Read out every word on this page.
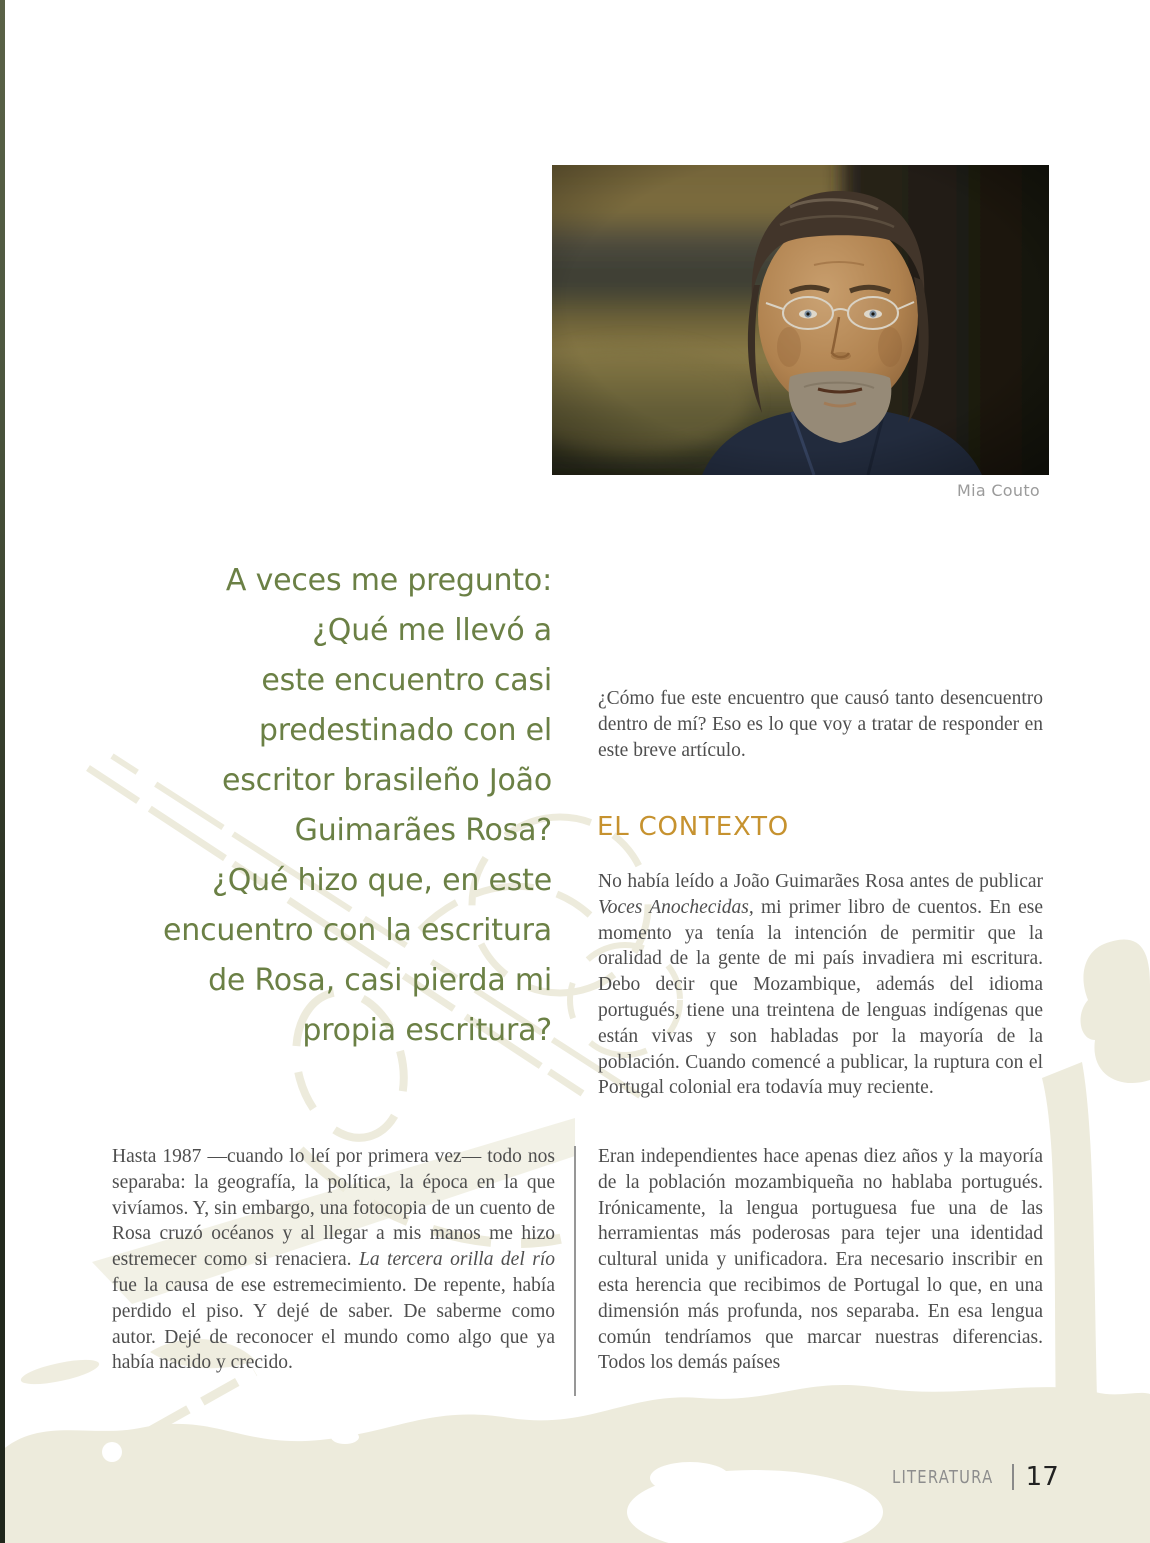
Mia Couto
A veces me pregunto:
¿Qué me llevó a
este encuentro casi
predestinado con el
escritor brasileño João
Guimarães Rosa?
¿Qué hizo que, en este
encuentro con la escritura
de Rosa, casi pierda mi
propia escritura?
¿Cómo fue este encuentro que causó tanto desencuentro dentro de mí? Eso es lo que voy a tratar de responder en este breve artículo.
EL CONTEXTO
No había leído a João Guimarães Rosa antes de publicar Voces Anochecidas, mi primer libro de cuentos. En ese momento ya tenía la intención de permitir que la oralidad de la gente de mi país invadiera mi escritura. Debo decir que Mozambique, además del idioma portugués, tiene una treintena de lenguas indígenas que están vivas y son habladas por la mayoría de la población. Cuando comencé a publicar, la ruptura con el Portugal colonial era todavía muy reciente.
Eran independientes hace apenas diez años y la mayoría de la población mozambiqueña no hablaba portugués. Irónicamente, la lengua portuguesa fue una de las herramientas más poderosas para tejer una identidad cultural unida y unificadora. Era necesario inscribir en esta herencia que recibimos de Portugal lo que, en una dimensión más profunda, nos separaba. En esa lengua común tendríamos que marcar nuestras diferencias. Todos los demás países
Hasta 1987 —cuando lo leí por primera vez— todo nos separaba: la geografía, la política, la época en la que vivíamos. Y, sin embargo, una fotocopia de un cuento de Rosa cruzó océanos y al llegar a mis manos me hizo estremecer como si renaciera. La tercera orilla del río fue la causa de ese estremecimiento. De repente, había perdido el piso. Y dejé de saber. De saberme como autor. Dejé de reconocer el mundo como algo que ya había nacido y crecido.
LITERATURA 17
